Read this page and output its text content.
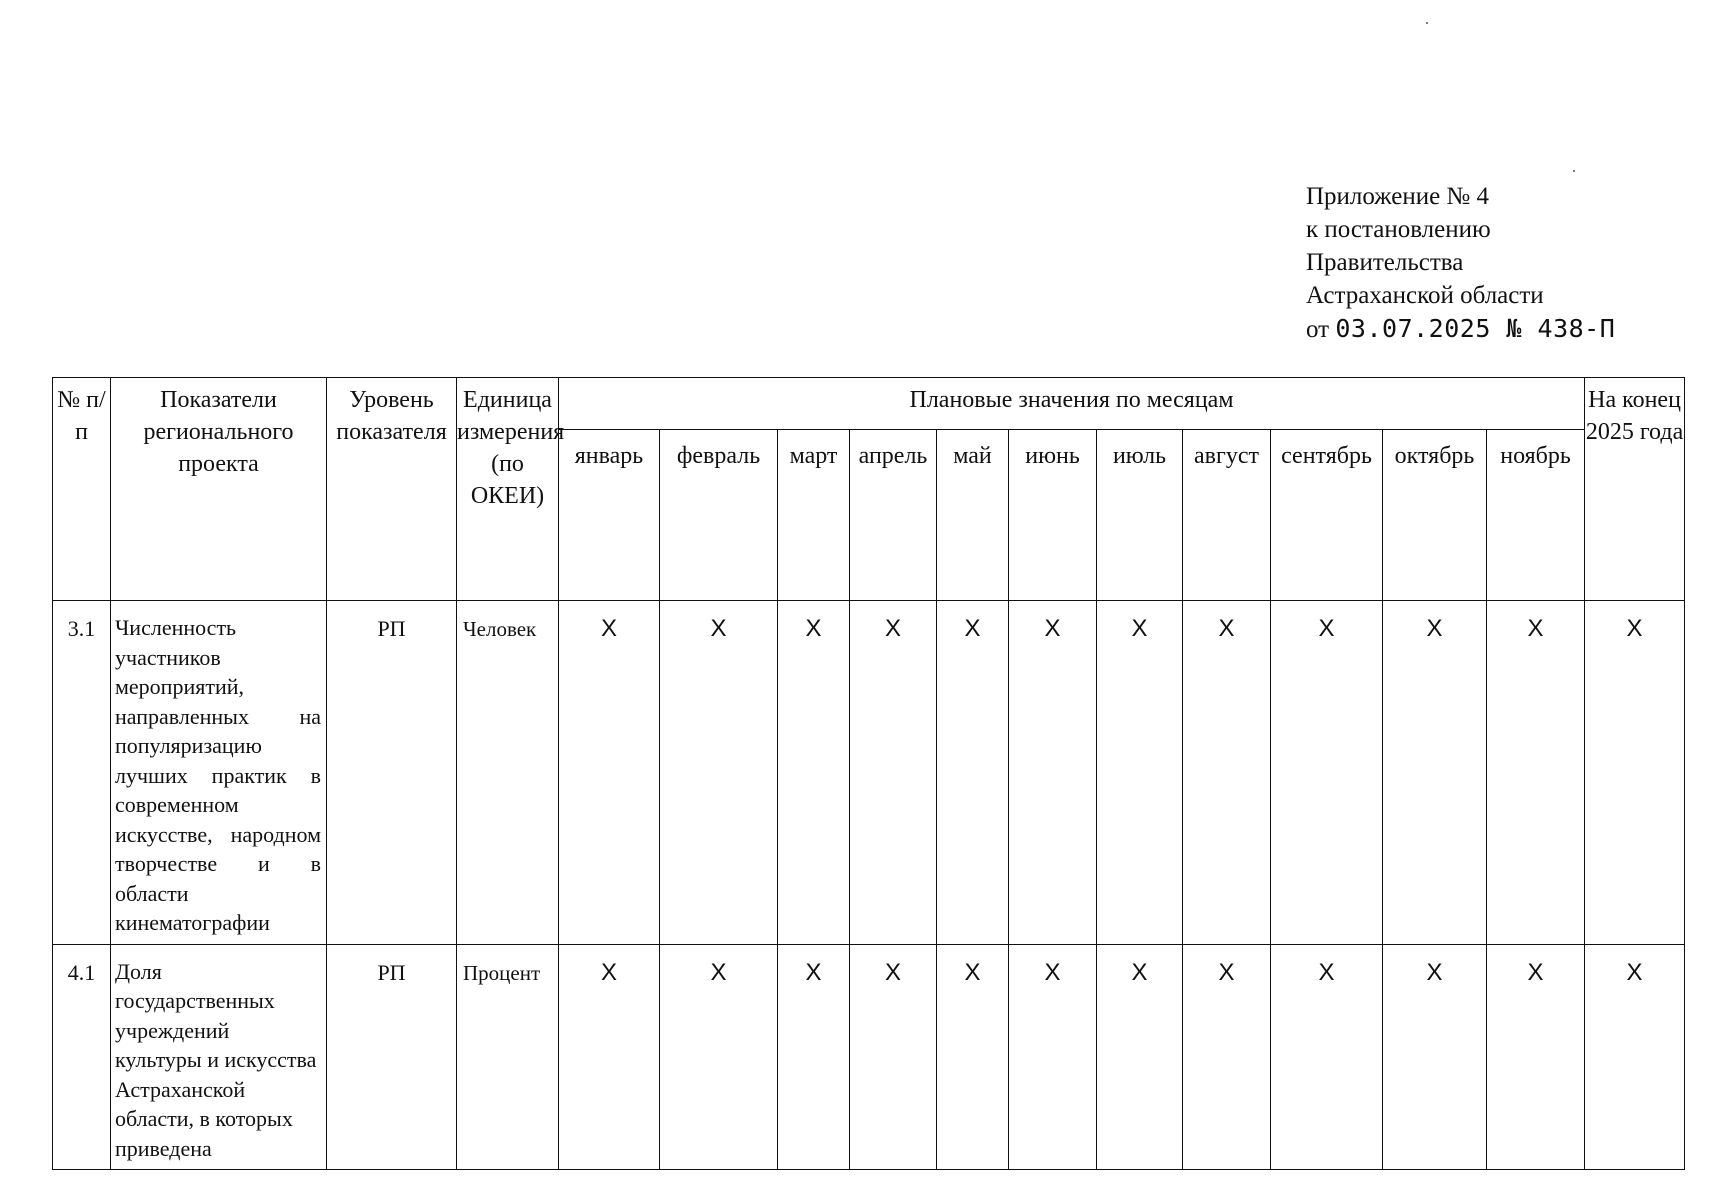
Приложение № 4
к постановлению
Правительства
Астраханской области
от 03.07.2025 № 438-П
№ п/п	Показатели регионального проекта	Уровень показателя	Единица измерения (по ОКЕИ)	Плановые значения по месяцам											На конец 2025 года
				январь	февраль	март	апрель	май	июнь	июль	август	сентябрь	октябрь	ноябрь	
3.1	Численность участников мероприятий, направленных на популяризацию лучших практик в современном искусстве, народном творчестве и в области кинематографии	РП	Человек	X	X	X	X	X	X	X	X	X	X	X	X
4.1	Доля государственных учреждений культуры и искусства Астраханской области, в которых приведена	РП	Процент	X	X	X	X	X	X	X	X	X	X	X	X
